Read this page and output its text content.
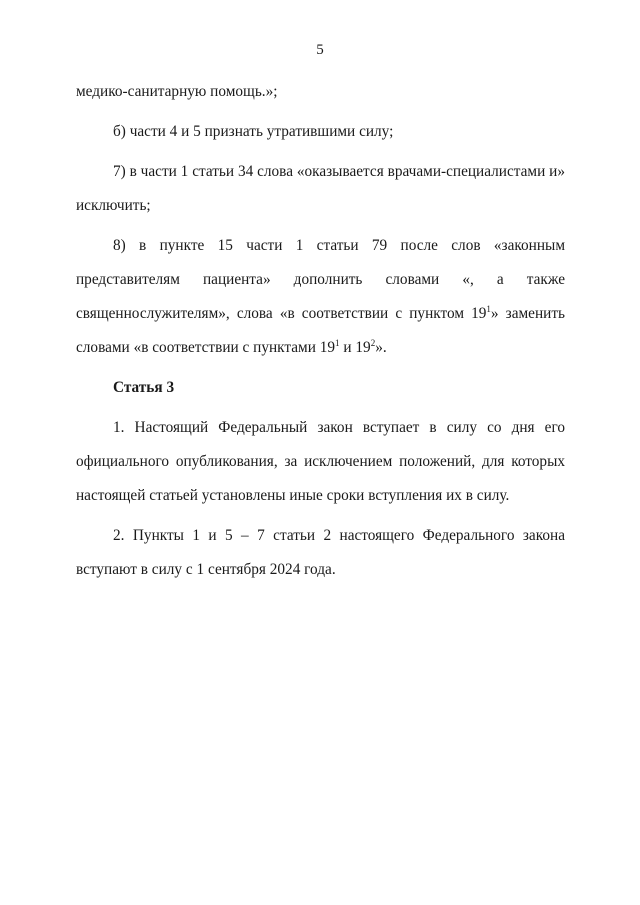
5

медико-санитарную помощь.»;

б) части 4 и 5 признать утратившими силу;

7) в части 1 статьи 34 слова «оказывается врачами-специалистами и» исключить;

8) в пункте 15 части 1 статьи 79 после слов «законным представителям пациента» дополнить словами «, а также священнослужителям», слова «в соответствии с пунктом $19^1$» заменить словами «в соответствии с пунктами $19^1$ и $19^2$».

Статья 3

1. Настоящий Федеральный закон вступает в силу со дня его официального опубликования, за исключением положений, для которых настоящей статьей установлены иные сроки вступления их в силу.

2. Пункты 1 и 5 – 7 статьи 2 настоящего Федерального закона вступают в силу с 1 сентября 2024 года.
